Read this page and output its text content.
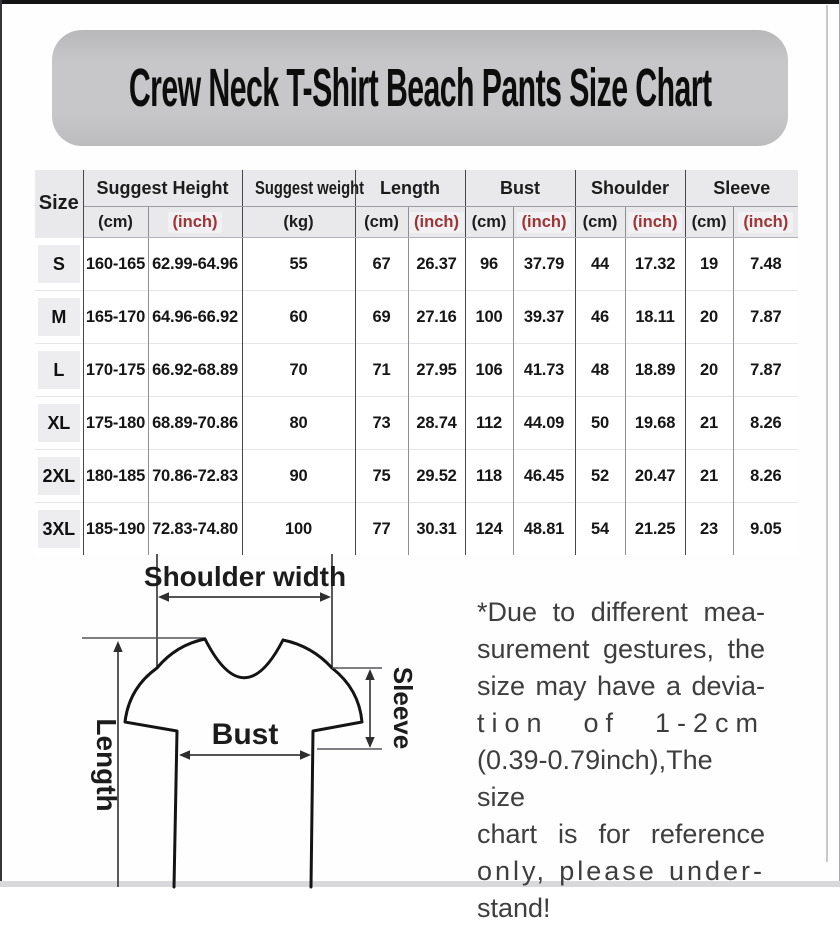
Crew Neck T-Shirt Beach Pants Size Chart
Size	Suggest Height		Suggest weight	Length		Bust		Shoulder		Sleeve	
	(cm)	(inch)	(kg)	(cm)	(inch)	(cm)	(inch)	(cm)	(inch)	(cm)	(inch)

S	160-165	62.99-64.96	55	67	26.37	96	37.79	44	17.32	19	7.48

M	165-170	64.96-66.92	60	69	27.16	100	39.37	46	18.11	20	7.87

L	170-175	66.92-68.89	70	71	27.95	106	41.73	48	18.89	20	7.87

XL	175-180	68.89-70.86	80	73	28.74	112	44.09	50	19.68	21	8.26

2XL	180-185	70.86-72.83	90	75	29.52	118	46.45	52	20.47	21	8.26

3XL	185-190	72.83-74.80	100	77	30.31	124	48.81	54	21.25	23	9.05
Shoulder width
Length	Bust	Sleeve
*Due to different mea-
surement gestures, the
size may have a devia-
tion of 1-2cm
(0.39-0.79inch),The size
chart is for reference
only, please under-
stand!
